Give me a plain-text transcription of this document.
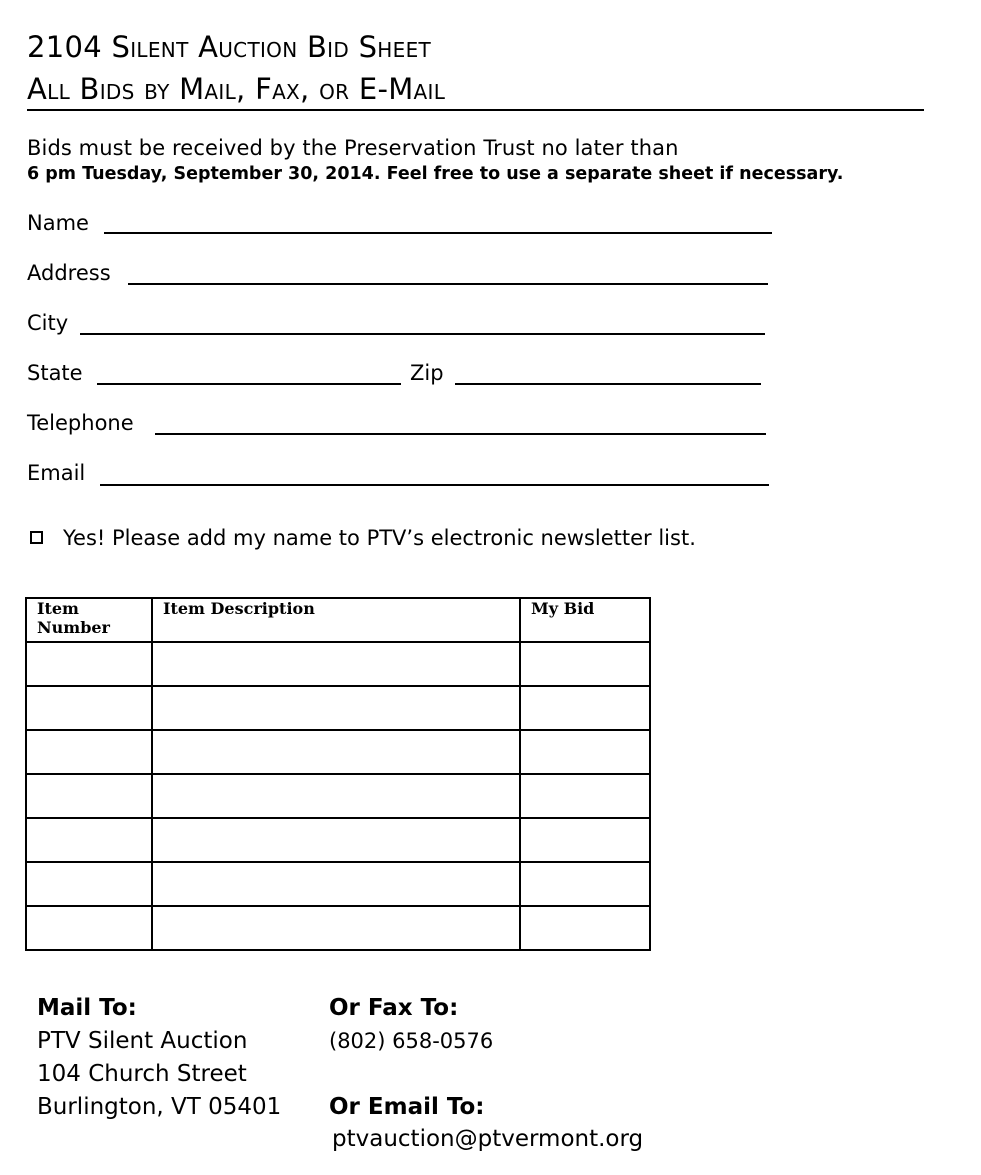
2104 Silent Auction Bid Sheet
All Bids by Mail, Fax, or E-Mail
Bids must be received by the Preservation Trust no later than
6 pm Tuesday, September 30, 2014. Feel free to use a separate sheet if necessary.
Name
Address
City
State	Zip
Telephone
Email
Yes! Please add my name to PTV’s electronic newsletter list.
Item Number	Item Description	My Bid

Mail To:
PTV Silent Auction
104 Church Street
Burlington, VT 05401
Or Fax To:
(802) 658-0576
Or Email To:
ptvauction@ptvermont.org
